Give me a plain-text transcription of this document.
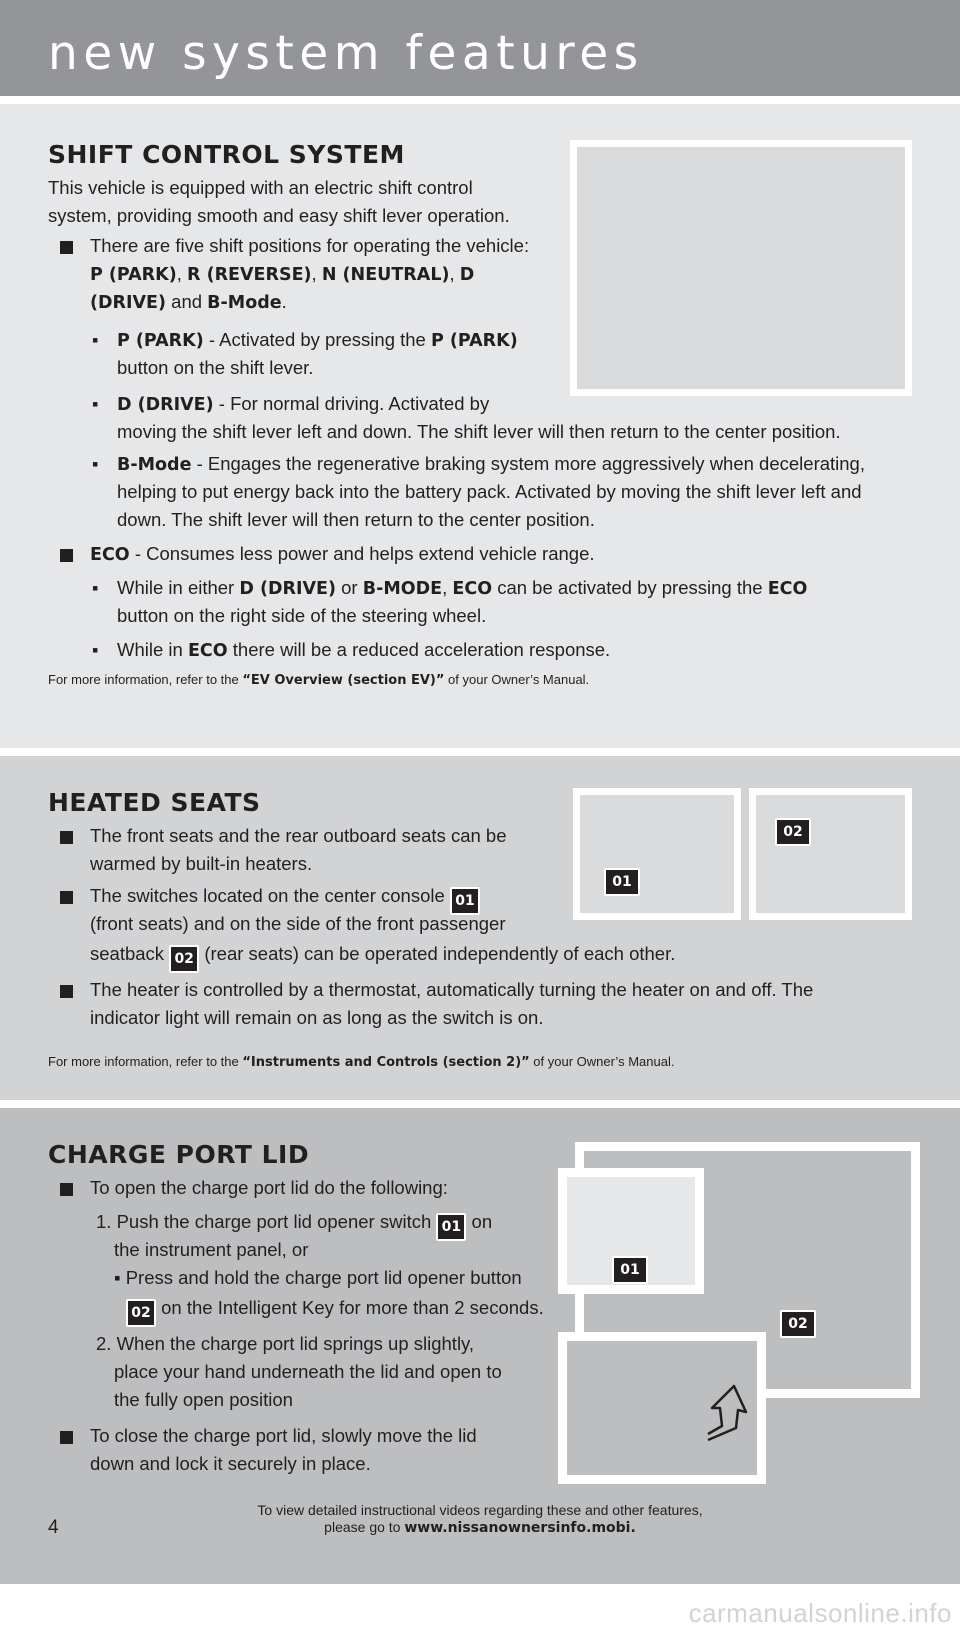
new system features
SHIFT CONTROL SYSTEM
This vehicle is equipped with an electric shift control
system, providing smooth and easy shift lever operation.
There are five shift positions for operating the vehicle:
P (PARK), R (REVERSE), N (NEUTRAL), D
(DRIVE) and B-Mode.
▪ P (PARK) - Activated by pressing the P (PARK)
button on the shift lever.
▪ D (DRIVE) - For normal driving. Activated by
moving the shift lever left and down. The shift lever will then return to the center position.
▪ B-Mode - Engages the regenerative braking system more aggressively when decelerating,
helping to put energy back into the battery pack. Activated by moving the shift lever left and
down. The shift lever will then return to the center position.
ECO - Consumes less power and helps extend vehicle range.
▪ While in either D (DRIVE) or B-MODE, ECO can be activated by pressing the ECO
button on the right side of the steering wheel.
▪ While in ECO there will be a reduced acceleration response.
For more information, refer to the “EV Overview (section EV)” of your Owner’s Manual.
01
02
HEATED SEATS
The front seats and the rear outboard seats can be
warmed by built-in heaters.
The switches located on the center console 01
(front seats) and on the side of the front passenger
seatback 02 (rear seats) can be operated independently of each other.
The heater is controlled by a thermostat, automatically turning the heater on and off. The
indicator light will remain on as long as the switch is on.
For more information, refer to the “Instruments and Controls (section 2)” of your Owner’s Manual.
01
02
CHARGE PORT LID
To open the charge port lid do the following:
1. Push the charge port lid opener switch 01 on
the instrument panel, or
▪ Press and hold the charge port lid opener button
02 on the Intelligent Key for more than 2 seconds.
2. When the charge port lid springs up slightly,
place your hand underneath the lid and open to
the fully open position
To close the charge port lid, slowly move the lid
down and lock it securely in place.
To view detailed instructional videos regarding these and other features,
please go to www.nissanownersinfo.mobi.
4
carmanualsonline.info
